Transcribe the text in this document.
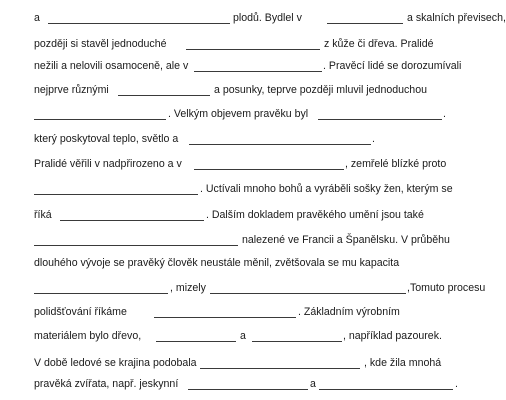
a	plodů. Bydlel v	a skalních převisech,
později si stavěl jednoduché	z kůže či dřeva. Pralidé
nežili a nelovili osamoceně, ale v	. Pravěcí lidé se dorozumívali
nejprve různými	a posunky, teprve později mluvil jednoduchou
. Velkým objevem pravěku byl	.
který poskytoval teplo, světlo a	.
Pralidé věřili v nadpřirozeno a v	, zemřelé blízké proto
. Uctívali mnoho bohů a vyráběli sošky žen, kterým se
říká	. Dalším dokladem pravěkého umění jsou také
nalezené ve Francii a Španělsku. V průběhu
dlouhého vývoje se pravěký člověk neustále měnil, zvětšovala se mu kapacita
, mizely	,Tomuto procesu
polidšťování říkáme	. Základním výrobním
materiálem bylo dřevo,	a	, například pazourek.
V době ledové se krajina podobala	, kde žila mnohá
pravěká zvířata, např. jeskynní	a	.
